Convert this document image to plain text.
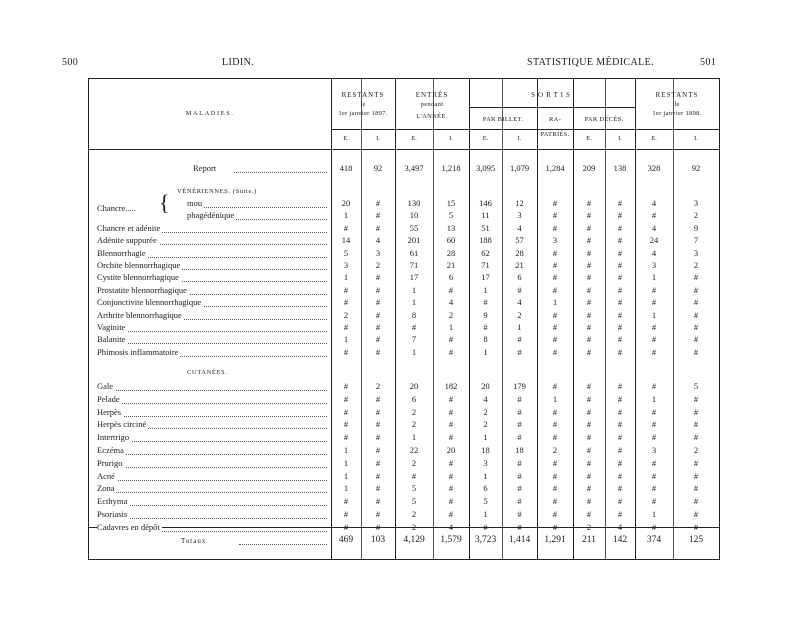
500	LIDIN.	STATISTIQUE MÉDICALE.	501
MALADIES.
RESTANTS
le
1er janvier 1897.
ENTRÉS
pendant
L'ANNÉE.
SORTIS
PAR BILLET.	RA-
PATRIÉS.
PAR DÉCÈS.
RESTANTS
le
1er janvier 1898.
E.	I.	E.	I.	E.	I.	E.	I.	E.	I.
Report	418	92	3,497	1,218	3,095	1,079	1,284	209	138	328	92
mou	20	#	130	15	146	12	#	#	#	4	3
phagédénique	1	#	10	5	11	3	#	#	#	#	2
Chancre et adénite	#	#	55	13	51	4	#	#	#	4	9
Adénite suppurée	14	4	201	60	188	57	3	#	#	24	7
Blennorrhagie	5	3	61	28	62	28	#	#	#	4	3
Orchite blennorrhagique	3	2	71	21	71	21	#	#	#	3	2
Cystite blennorrhagique	1	#	17	6	17	6	#	#	#	1	#
Prostatite blennorrhagique	#	#	1	#	1	#	#	#	#	#	#
Conjonctivite blennorrhagique	#	#	1	4	#	4	1	#	#	#	#
Arthrite blennorrhagique	2	#	8	2	9	2	#	#	#	1	#
Vaginite	#	#	#	1	#	1	#	#	#	#	#
Balanite	1	#	7	#	8	#	#	#	#	#	#
Phimosis inflammatoire	#	#	1	#	1	#	#	#	#	#	#
Gale	#	2	20	182	20	179	#	#	#	#	5
Pelade	#	#	6	#	4	#	1	#	#	1	#
Herpès	#	#	2	#	2	#	#	#	#	#	#
Herpès circiné	#	#	2	#	2	#	#	#	#	#	#
Intertrigo	#	#	1	#	1	#	#	#	#	#	#
Eczéma	1	#	22	20	18	18	2	#	#	3	2
Prurigo	1	#	2	#	3	#	#	#	#	#	#
Acné	1	#	#	#	1	#	#	#	#	#	#
Zona	1	#	5	#	6	#	#	#	#	#	#
Ecthyma	#	#	5	#	5	#	#	#	#	#	#
Psoriasis	#	#	2	#	1	#	#	#	#	1	#
Cadavres en dépôt	#	#	2	4	#	#	#	2	4	#	#
Totaux	469	103	4,129	1,579	3,723	1,414	1,291	211	142	374	125
VÉNÉRIENNES. (Suite.)
CUTANÉES.
Chancre..... {
